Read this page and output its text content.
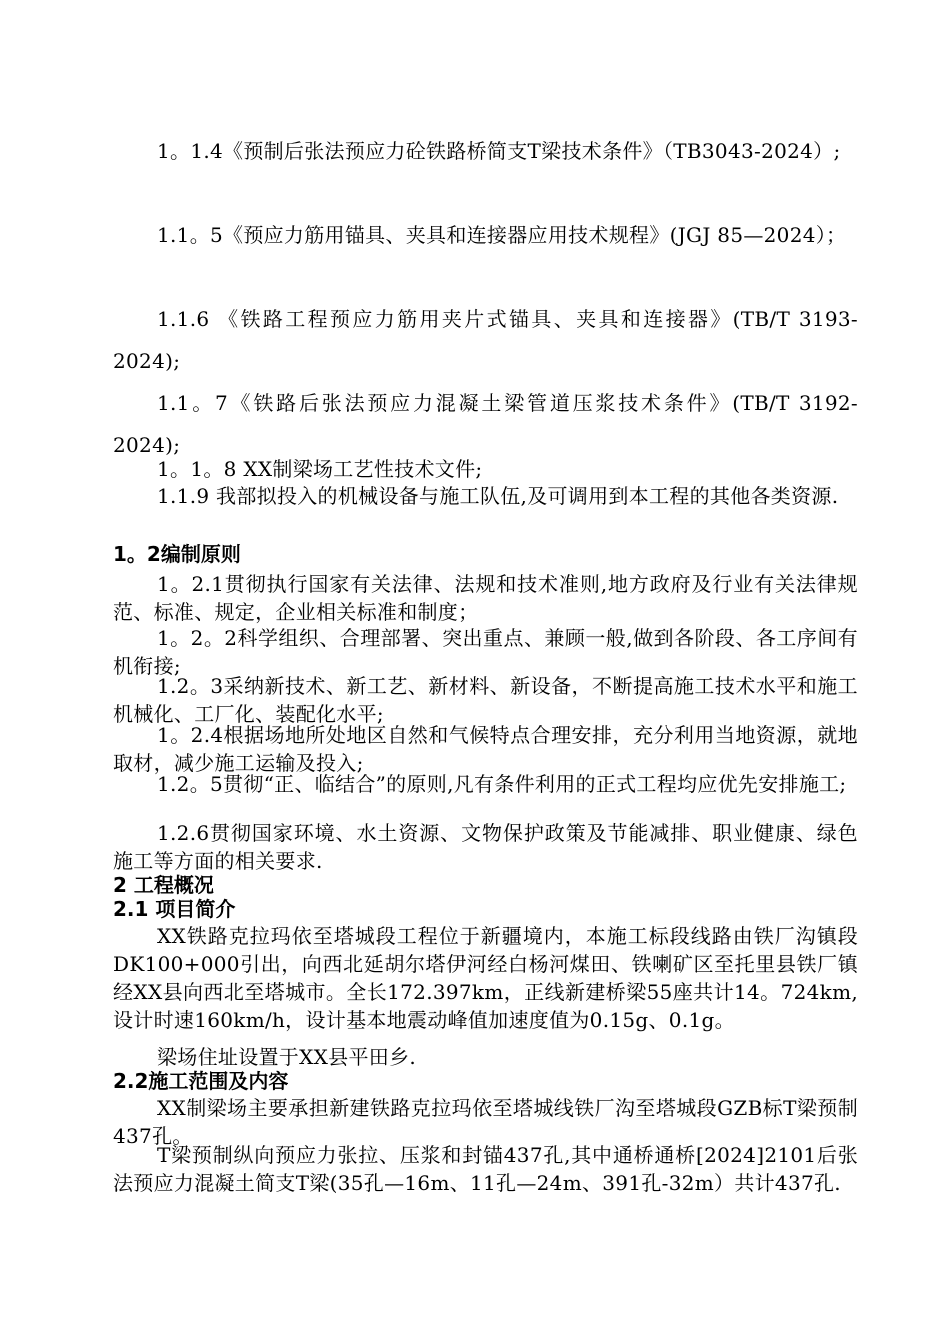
1。1.4《预制后张法预应力砼铁路桥简支T梁技术条件》（TB3043-2024）;

1.1。5《预应力筋用锚具、夹具和连接器应用技术规程》(JGJ 85—2024）；

1.1.6 《铁路工程预应力筋用夹片式锚具、夹具和连接器》(TB/T 3193-2024);

1.1。7《铁路后张法预应力混凝土梁管道压浆技术条件》(TB/T 3192-2024);

1。1。8 XX制梁场工艺性技术文件;

1.1.9 我部拟投入的机械设备与施工队伍,及可调用到本工程的其他各类资源.

1。2编制原则

1。2.1贯彻执行国家有关法律、法规和技术准则,地方政府及行业有关法律规范、标准、规定，企业相关标准和制度；

1。2。2科学组织、合理部署、突出重点、兼顾一般,做到各阶段、各工序间有机衔接;

1.2。3采纳新技术、新工艺、新材料、新设备，不断提高施工技术水平和施工机械化、工厂化、装配化水平;

1。2.4根据场地所处地区自然和气候特点合理安排，充分利用当地资源，就地取材，减少施工运输及投入;

1.2。5贯彻“正、临结合”的原则,凡有条件利用的正式工程均应优先安排施工;

1.2.6贯彻国家环境、水土资源、文物保护政策及节能减排、职业健康、绿色施工等方面的相关要求.

2 工程概况
2.1 项目简介

XX铁路克拉玛依至塔城段工程位于新疆境内，本施工标段线路由铁厂沟镇段DK100+000引出，向西北延胡尔塔伊河经白杨河煤田、铁喇矿区至托里县铁厂镇经XX县向西北至塔城市。全长172.397km，正线新建桥梁55座共计14。724km,设计时速160km/h，设计基本地震动峰值加速度值为0.15g、0.1g。

梁场住址设置于XX县平田乡.

2.2施工范围及内容

XX制梁场主要承担新建铁路克拉玛依至塔城线铁厂沟至塔城段GZB标T梁预制437孔。

T梁预制纵向预应力张拉、压浆和封锚437孔,其中通桥通桥[2024]2101后张法预应力混凝土简支T梁(35孔—16m、11孔—24m、391孔-32m）共计437孔.
